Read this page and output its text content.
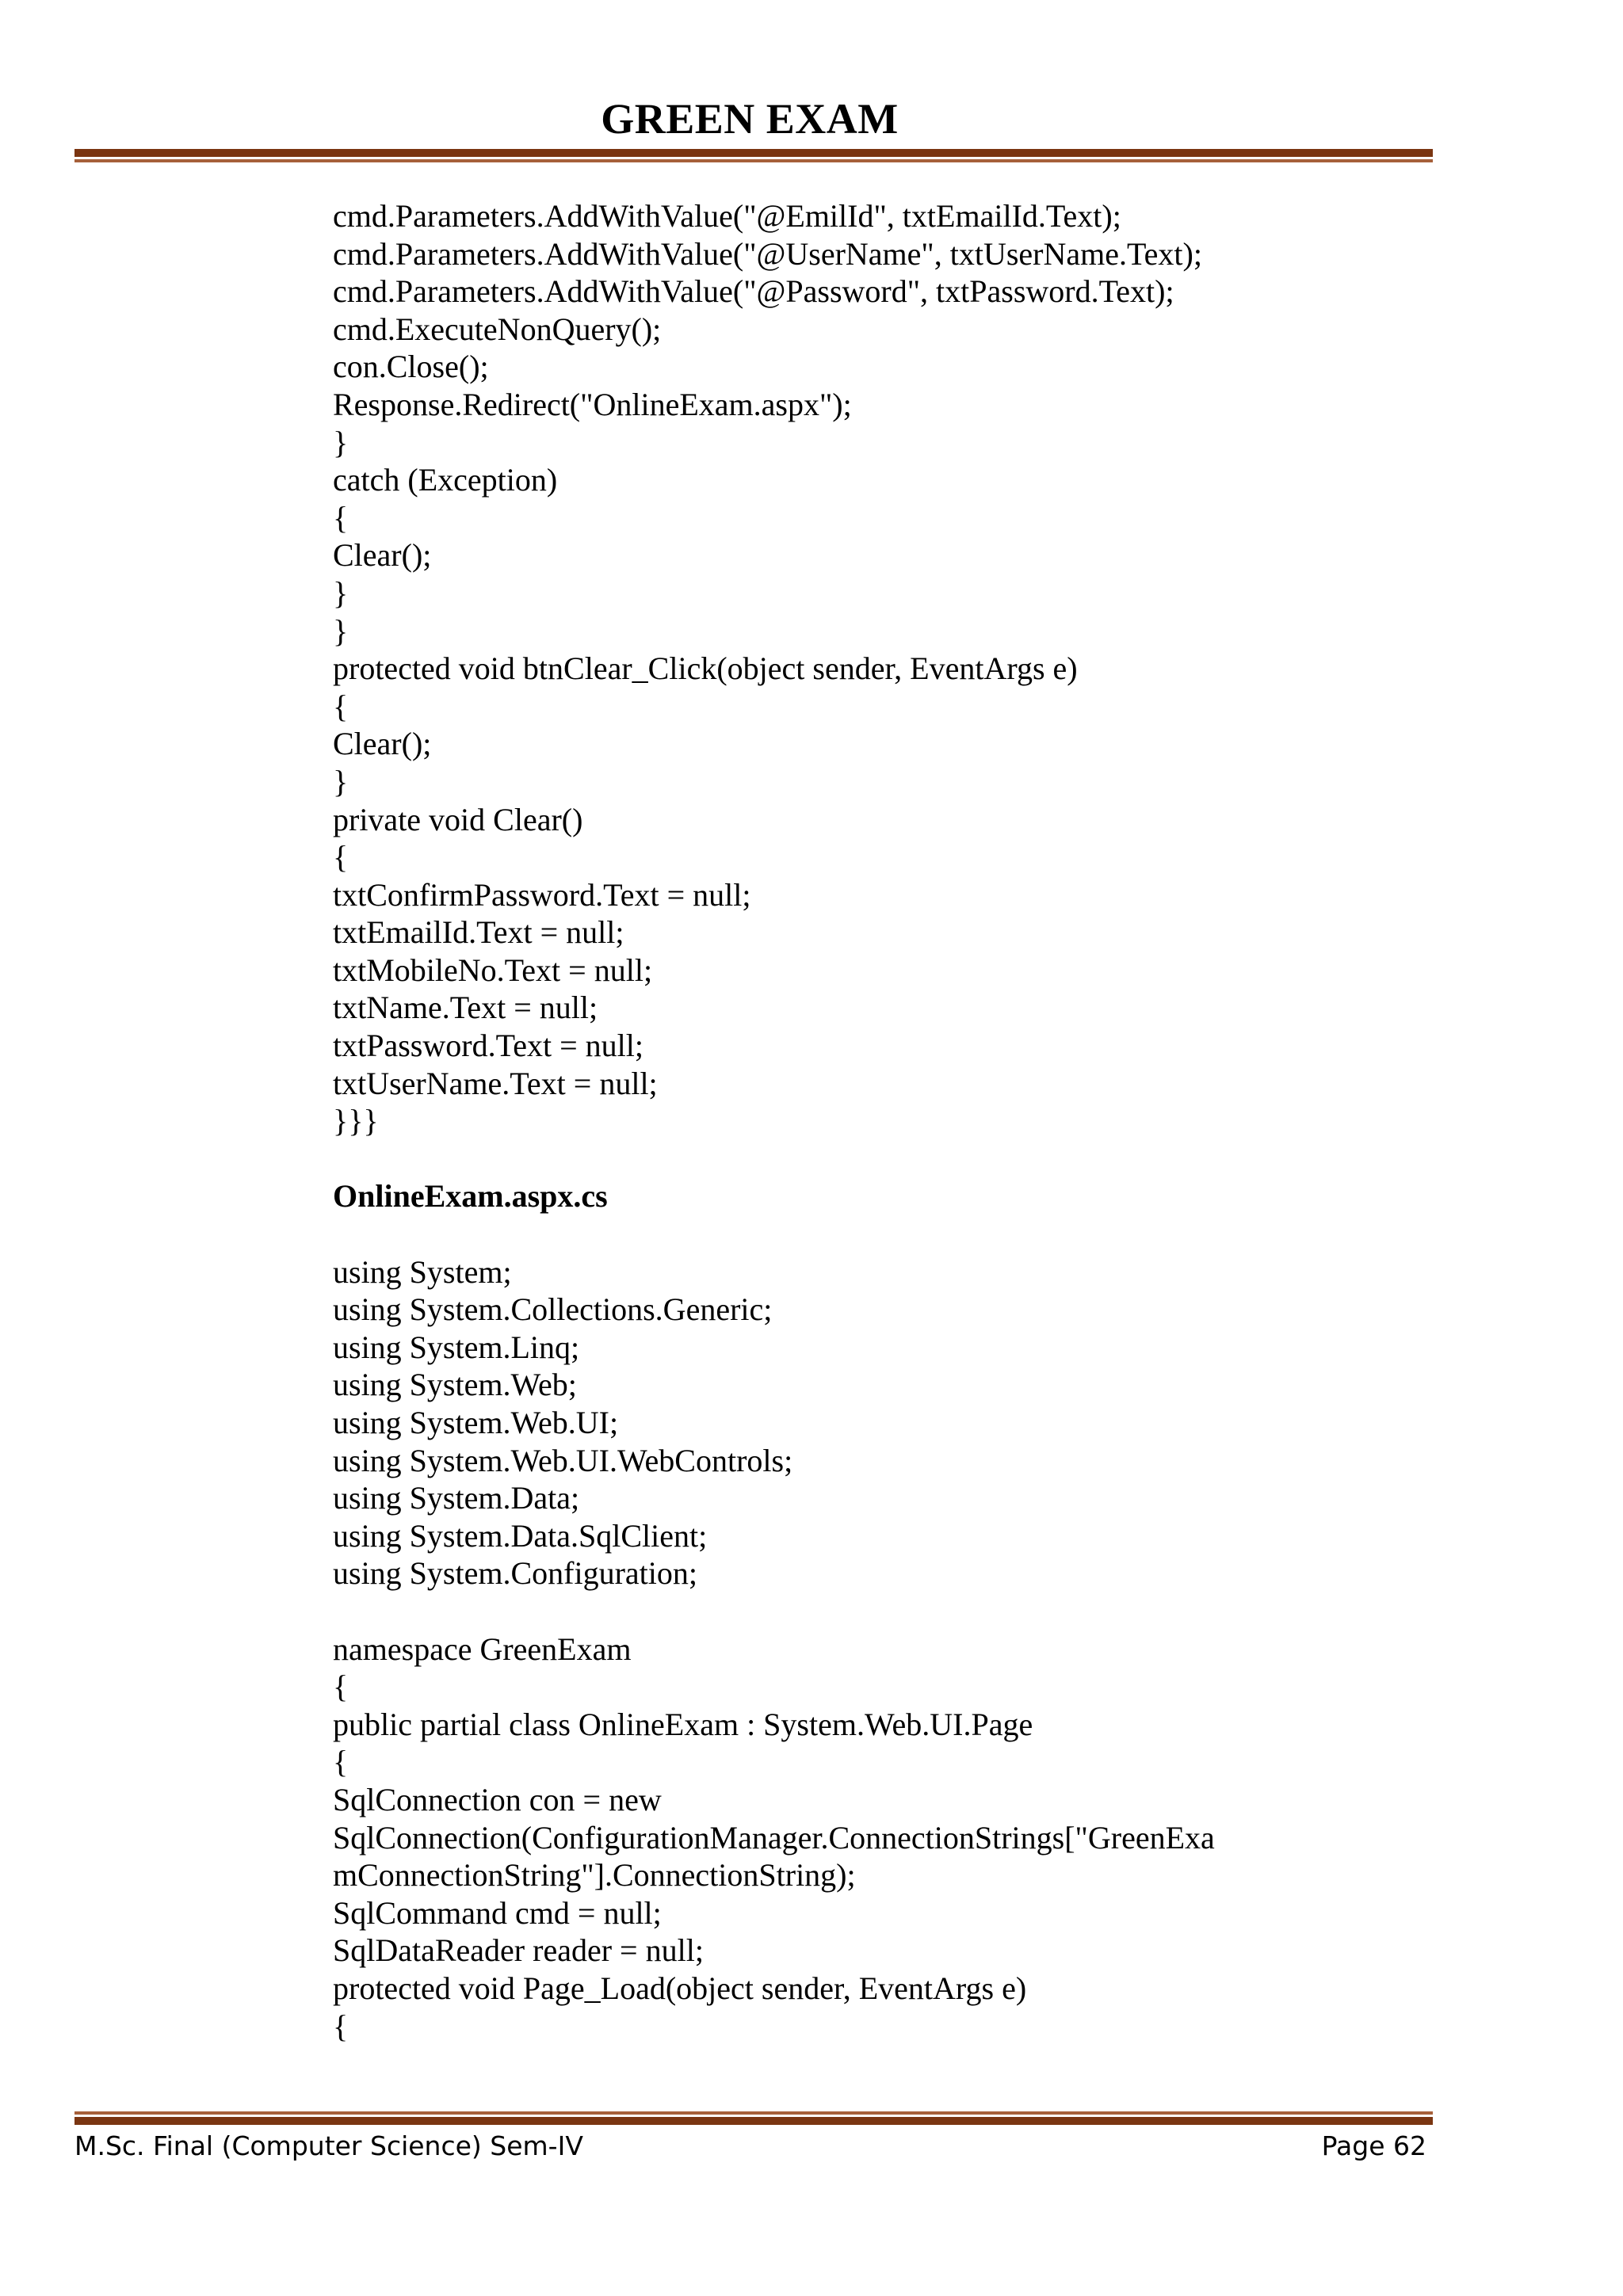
GREEN EXAM
cmd.Parameters.AddWithValue("@EmilId", txtEmailId.Text);
cmd.Parameters.AddWithValue("@UserName", txtUserName.Text);
cmd.Parameters.AddWithValue("@Password", txtPassword.Text);
cmd.ExecuteNonQuery();
con.Close();
Response.Redirect("OnlineExam.aspx");
}
catch (Exception)
{
Clear();
}
}
protected void btnClear_Click(object sender, EventArgs e)
{
Clear();
}
private void Clear()
{
txtConfirmPassword.Text = null;
txtEmailId.Text = null;
txtMobileNo.Text = null;
txtName.Text = null;
txtPassword.Text = null;
txtUserName.Text = null;
}}}
OnlineExam.aspx.cs
using System;
using System.Collections.Generic;
using System.Linq;
using System.Web;
using System.Web.UI;
using System.Web.UI.WebControls;
using System.Data;
using System.Data.SqlClient;
using System.Configuration;
namespace GreenExam
{
public partial class OnlineExam : System.Web.UI.Page
{
SqlConnection con = new
SqlConnection(ConfigurationManager.ConnectionStrings["GreenExa
mConnectionString"].ConnectionString);
SqlCommand cmd = null;
SqlDataReader reader = null;
protected void Page_Load(object sender, EventArgs e)
{
M.Sc. Final (Computer Science) Sem-IV	Page 62
